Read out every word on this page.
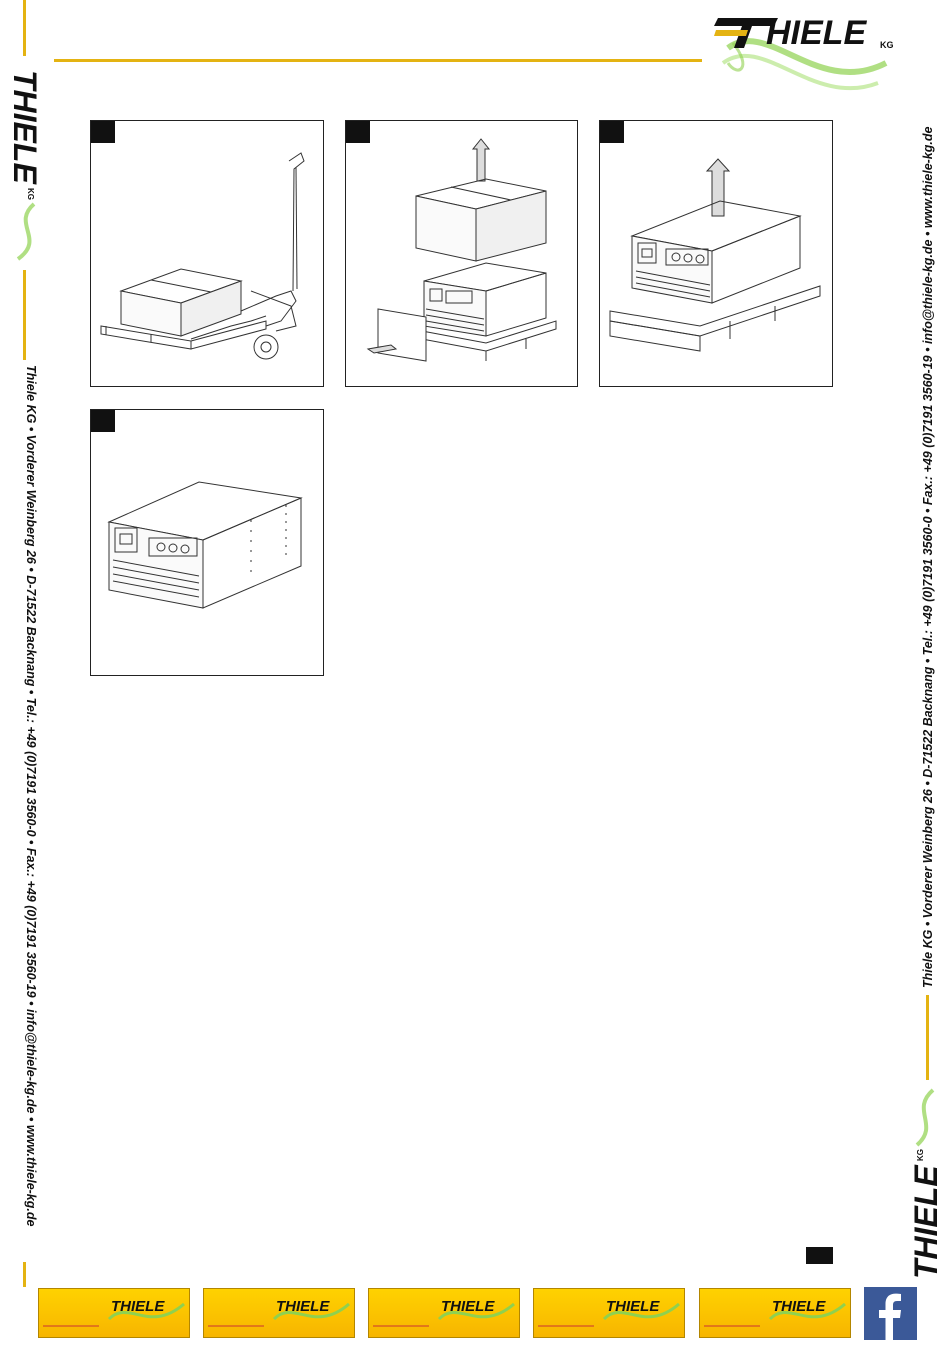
HIELE KG
THIELE
KG
THIELE
KG
Thiele KG • Vorderer Weinberg 26 • D-71522 Backnang • Tel.: +49 (0)7191 3560-0 • Fax.: +49 (0)7191 3560-19 • info@thiele-kg.de • www.thiele-kg.de	Thiele KG • Vorderer Weinberg 26 • D-71522 Backnang • Tel.: +49 (0)7191 3560-0 • Fax.: +49 (0)7191 3560-19 • info@thiele-kg.de • www.thiele-kg.de
THIELE	THIELE	THIELE	THIELE	THIELE
